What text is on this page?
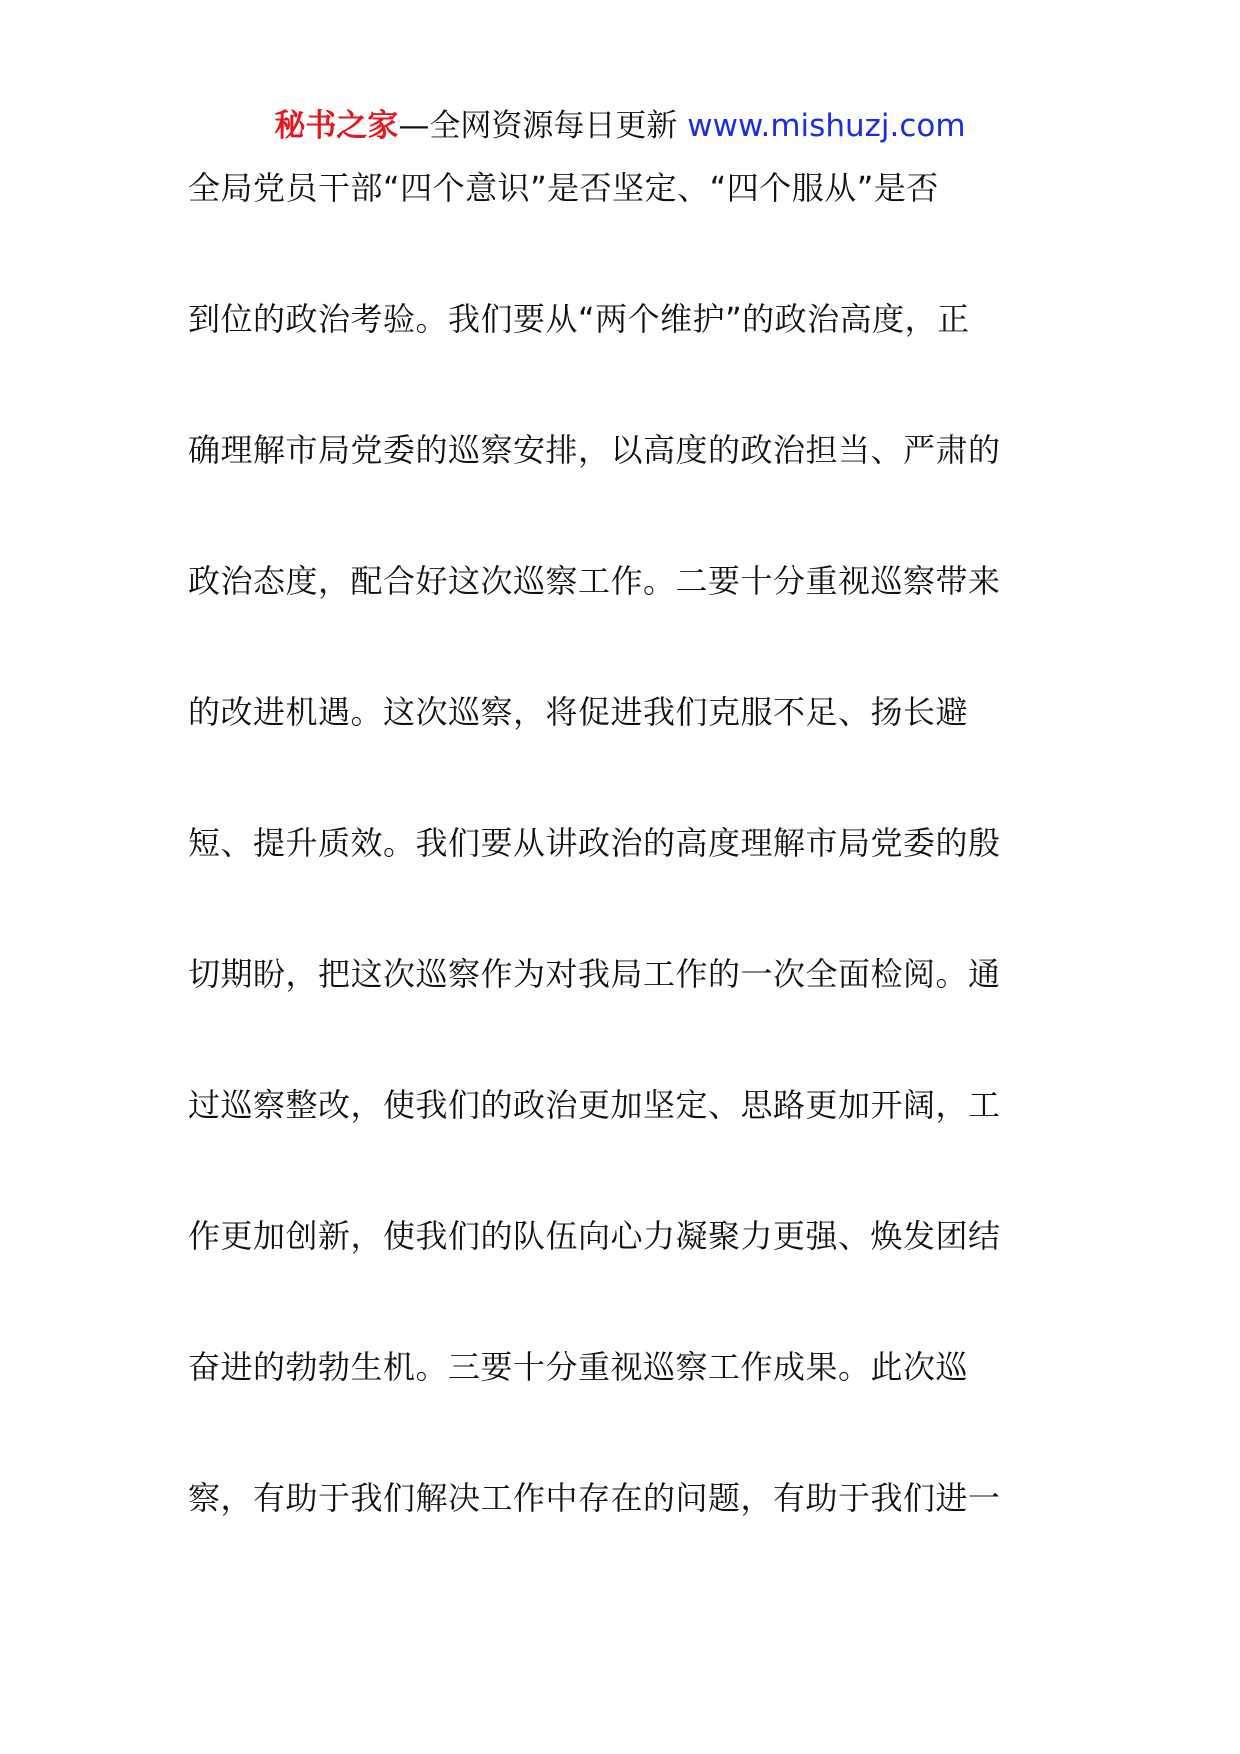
秘书之家—全网资源每日更新 www.mishuzj.com
全局党员干部“四个意识”是否坚定、“四个服从”是否
到位的政治考验。我们要从“两个维护”的政治高度，正
确理解市局党委的巡察安排，以高度的政治担当、严肃的
政治态度，配合好这次巡察工作。二要十分重视巡察带来
的改进机遇。这次巡察，将促进我们克服不足、扬长避
短、提升质效。我们要从讲政治的高度理解市局党委的殷
切期盼，把这次巡察作为对我局工作的一次全面检阅。通
过巡察整改，使我们的政治更加坚定、思路更加开阔，工
作更加创新，使我们的队伍向心力凝聚力更强、焕发团结
奋进的勃勃生机。三要十分重视巡察工作成果。此次巡
察，有助于我们解决工作中存在的问题，有助于我们进一
